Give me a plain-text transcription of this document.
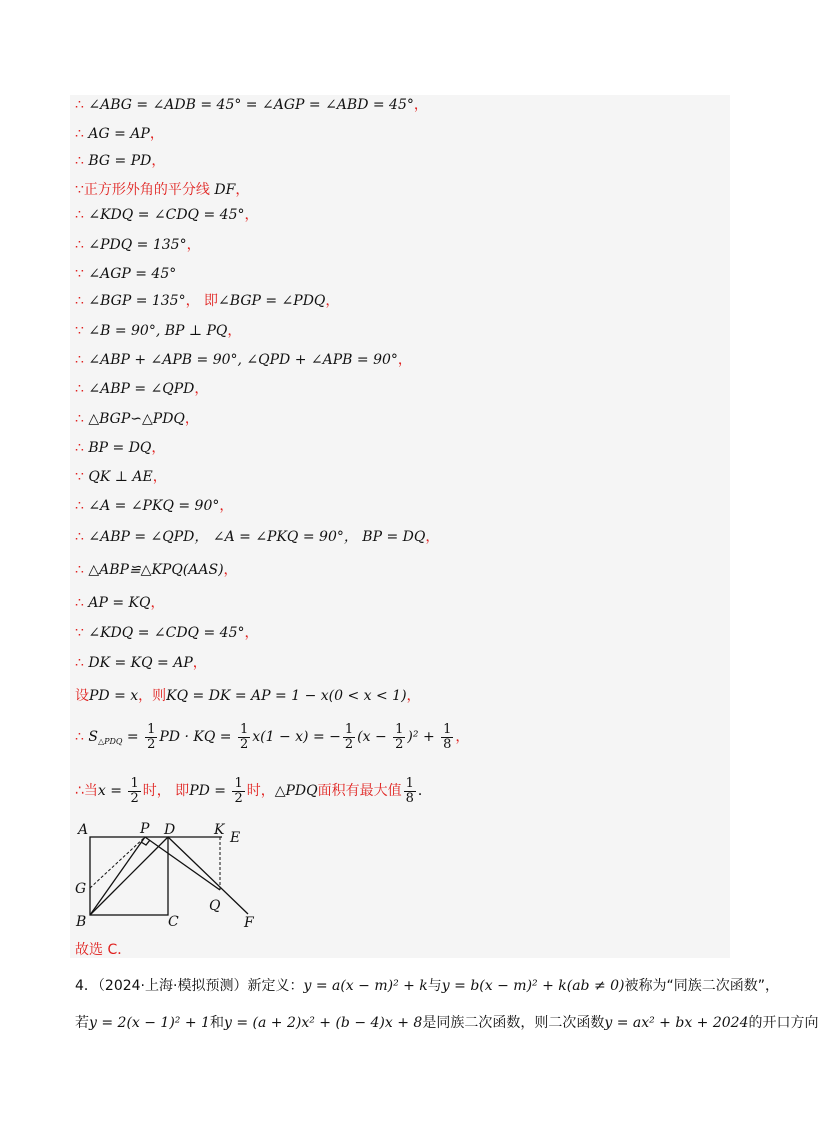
∴ ∠ABG = ∠ADB = 45° = ∠AGP = ∠ABD = 45°，
∴ AG = AP，
∴ BG = PD，
∵正方形外角的平分线 DF，
∴ ∠KDQ = ∠CDQ = 45°，
∴ ∠PDQ = 135°，
∵ ∠AGP = 45°
∴ ∠BGP = 135°， 即∠BGP = ∠PDQ，
∵ ∠B = 90°, BP ⊥ PQ，
∴ ∠ABP + ∠APB = 90°, ∠QPD + ∠APB = 90°，
∴ ∠ABP = ∠QPD，
∴ △BGP∽△PDQ，
∴ BP = DQ，
∵ QK ⊥ AE，
∴ ∠A = ∠PKQ = 90°，
∴ ∠ABP = ∠QPD， ∠A = ∠PKQ = 90°， BP = DQ，
∴ △ABP≌△KPQ(AAS)，
∴ AP = KQ，
∵ ∠KDQ = ∠CDQ = 45°，
∴ DK = KQ = AP，
设PD = x，则KQ = DK = AP = 1 − x(0 < x < 1)，
∴ $S_{\triangle PDQ} = \frac{1}{2}$ PD · KQ = $\frac{1}{2} x(1 - x)$ = − $\frac{1}{2} (x - \frac{1}{2} )^2 + \frac{1}{8}$ ，
∴当$x = \frac{1}{2}$ 时， 即PD = $\frac{1}{2}$ 时，△PDQ面积有最大值 $\frac{1}{8}$ ．
A	P D	K E
G
Q
B	C	F
故选 C．
4．（2024·上海·模拟预测）新定义：y = a(x − m)² + k与y = b(x − m)² + k(ab ≠ 0)被称为“同族二次函数”，
若y = 2(x − 1)² + 1和y = (a + 2)x² + (b − 4)x + 8是同族二次函数，则二次函数y = ax² + bx + 2024的开口方向
